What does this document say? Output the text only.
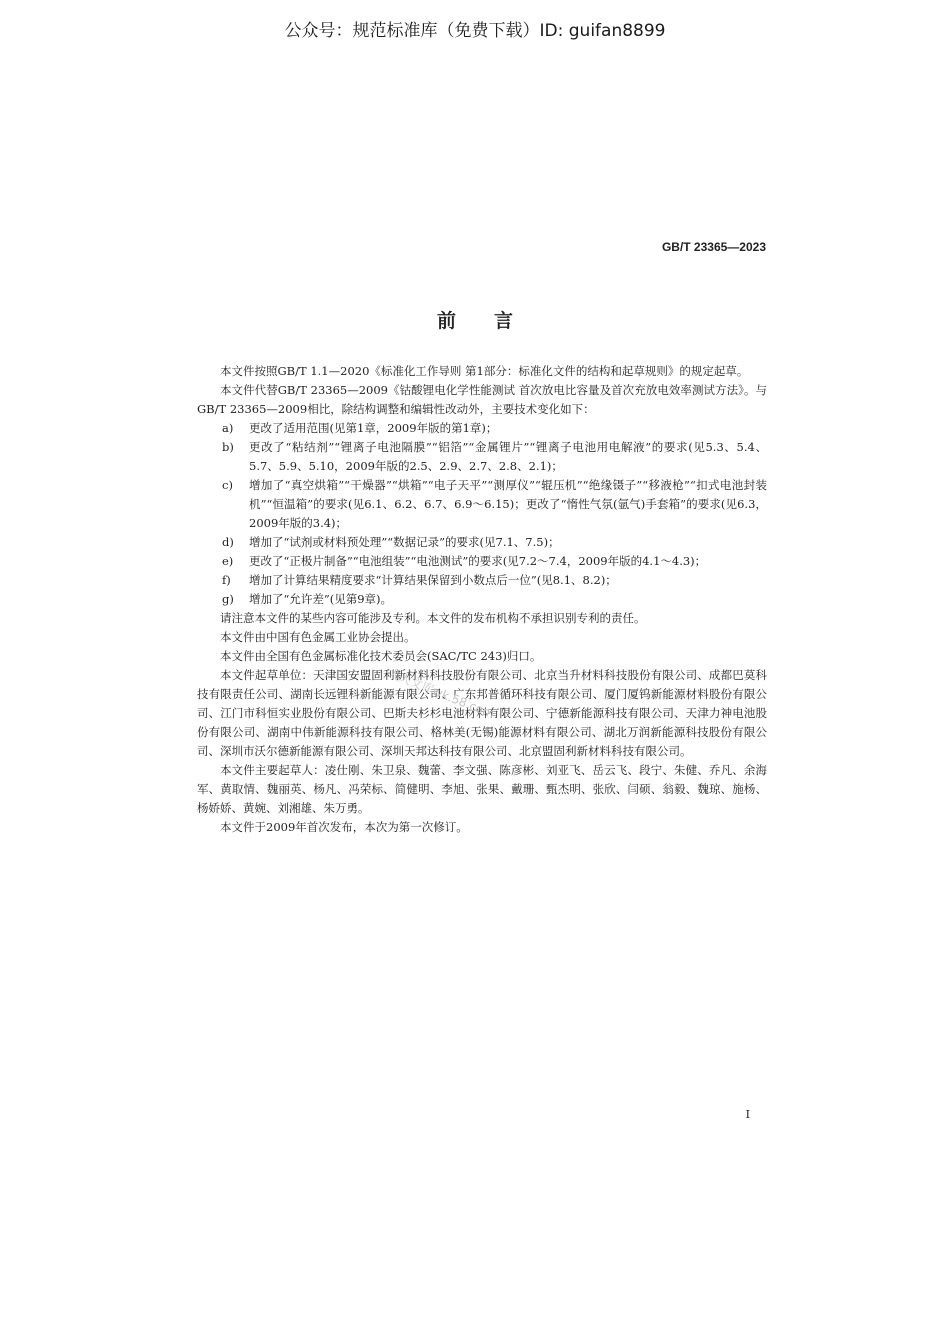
公众号：规范标准库（免费下载）ID: guifan8899
GB/T 23365—2023
前言

本文件按照GB/T 1.1—2020《标准化工作导则 第1部分：标准化文件的结构和起草规则》的规定起草。

本文件代替GB/T 23365—2009《钴酸锂电化学性能测试 首次放电比容量及首次充放电效率测试方法》。与GB/T 23365—2009相比，除结构调整和编辑性改动外，主要技术变化如下：

a)	更改了适用范围(见第1章，2009年版的第1章)；
b)	更改了“粘结剂”“锂离子电池隔膜”“铝箔”“金属锂片”“锂离子电池用电解液”的要求(见5.3、5.4、5.7、5.9、5.10，2009年版的2.5、2.9、2.7、2.8、2.1)；
c)	增加了“真空烘箱”“干燥器”“烘箱”“电子天平”“测厚仪”“辊压机”“绝缘镊子”“移液枪”“扣式电池封装机”“恒温箱”的要求(见6.1、6.2、6.7、6.9～6.15)；更改了“惰性气氛(氩气)手套箱”的要求(见6.3，2009年版的3.4)；
d)	增加了“试剂或材料预处理”“数据记录”的要求(见7.1、7.5)；
e)	更改了“正极片制备”“电池组装”“电池测试”的要求(见7.2～7.4，2009年版的4.1～4.3)；
f)	增加了计算结果精度要求“计算结果保留到小数点后一位”(见8.1、8.2)；
g)	增加了“允许差”(见第9章)。

请注意本文件的某些内容可能涉及专利。本文件的发布机构不承担识别专利的责任。

本文件由中国有色金属工业协会提出。

本文件由全国有色金属标准化技术委员会(SAC/TC 243)归口。

本文件起草单位：天津国安盟固利新材料科技股份有限公司、北京当升材料科技股份有限公司、成都巴莫科技有限责任公司、湖南长远锂科新能源有限公司、广东邦普循环科技有限公司、厦门厦钨新能源材料股份有限公司、江门市科恒实业股份有限公司、巴斯夫杉杉电池材料有限公司、宁德新能源科技有限公司、天津力神电池股份有限公司、湖南中伟新能源科技有限公司、格林美(无锡)能源材料有限公司、湖北万润新能源科技股份有限公司、深圳市沃尔德新能源有限公司、深圳天邦达科技有限公司、北京盟固利新材料科技有限公司。

本文件主要起草人：凌仕刚、朱卫泉、魏蕾、李文强、陈彦彬、刘亚飞、岳云飞、段宁、朱健、乔凡、余海军、黄取情、魏丽英、杨凡、冯荣标、简健明、李旭、张果、戴珊、甄杰明、张欣、闫硕、翁毅、魏琼、施杨、杨娇娇、黄婉、刘湘雄、朱万勇。

本文件于2009年首次发布，本次为第一次修订。

人人文库wk.58.com
I
